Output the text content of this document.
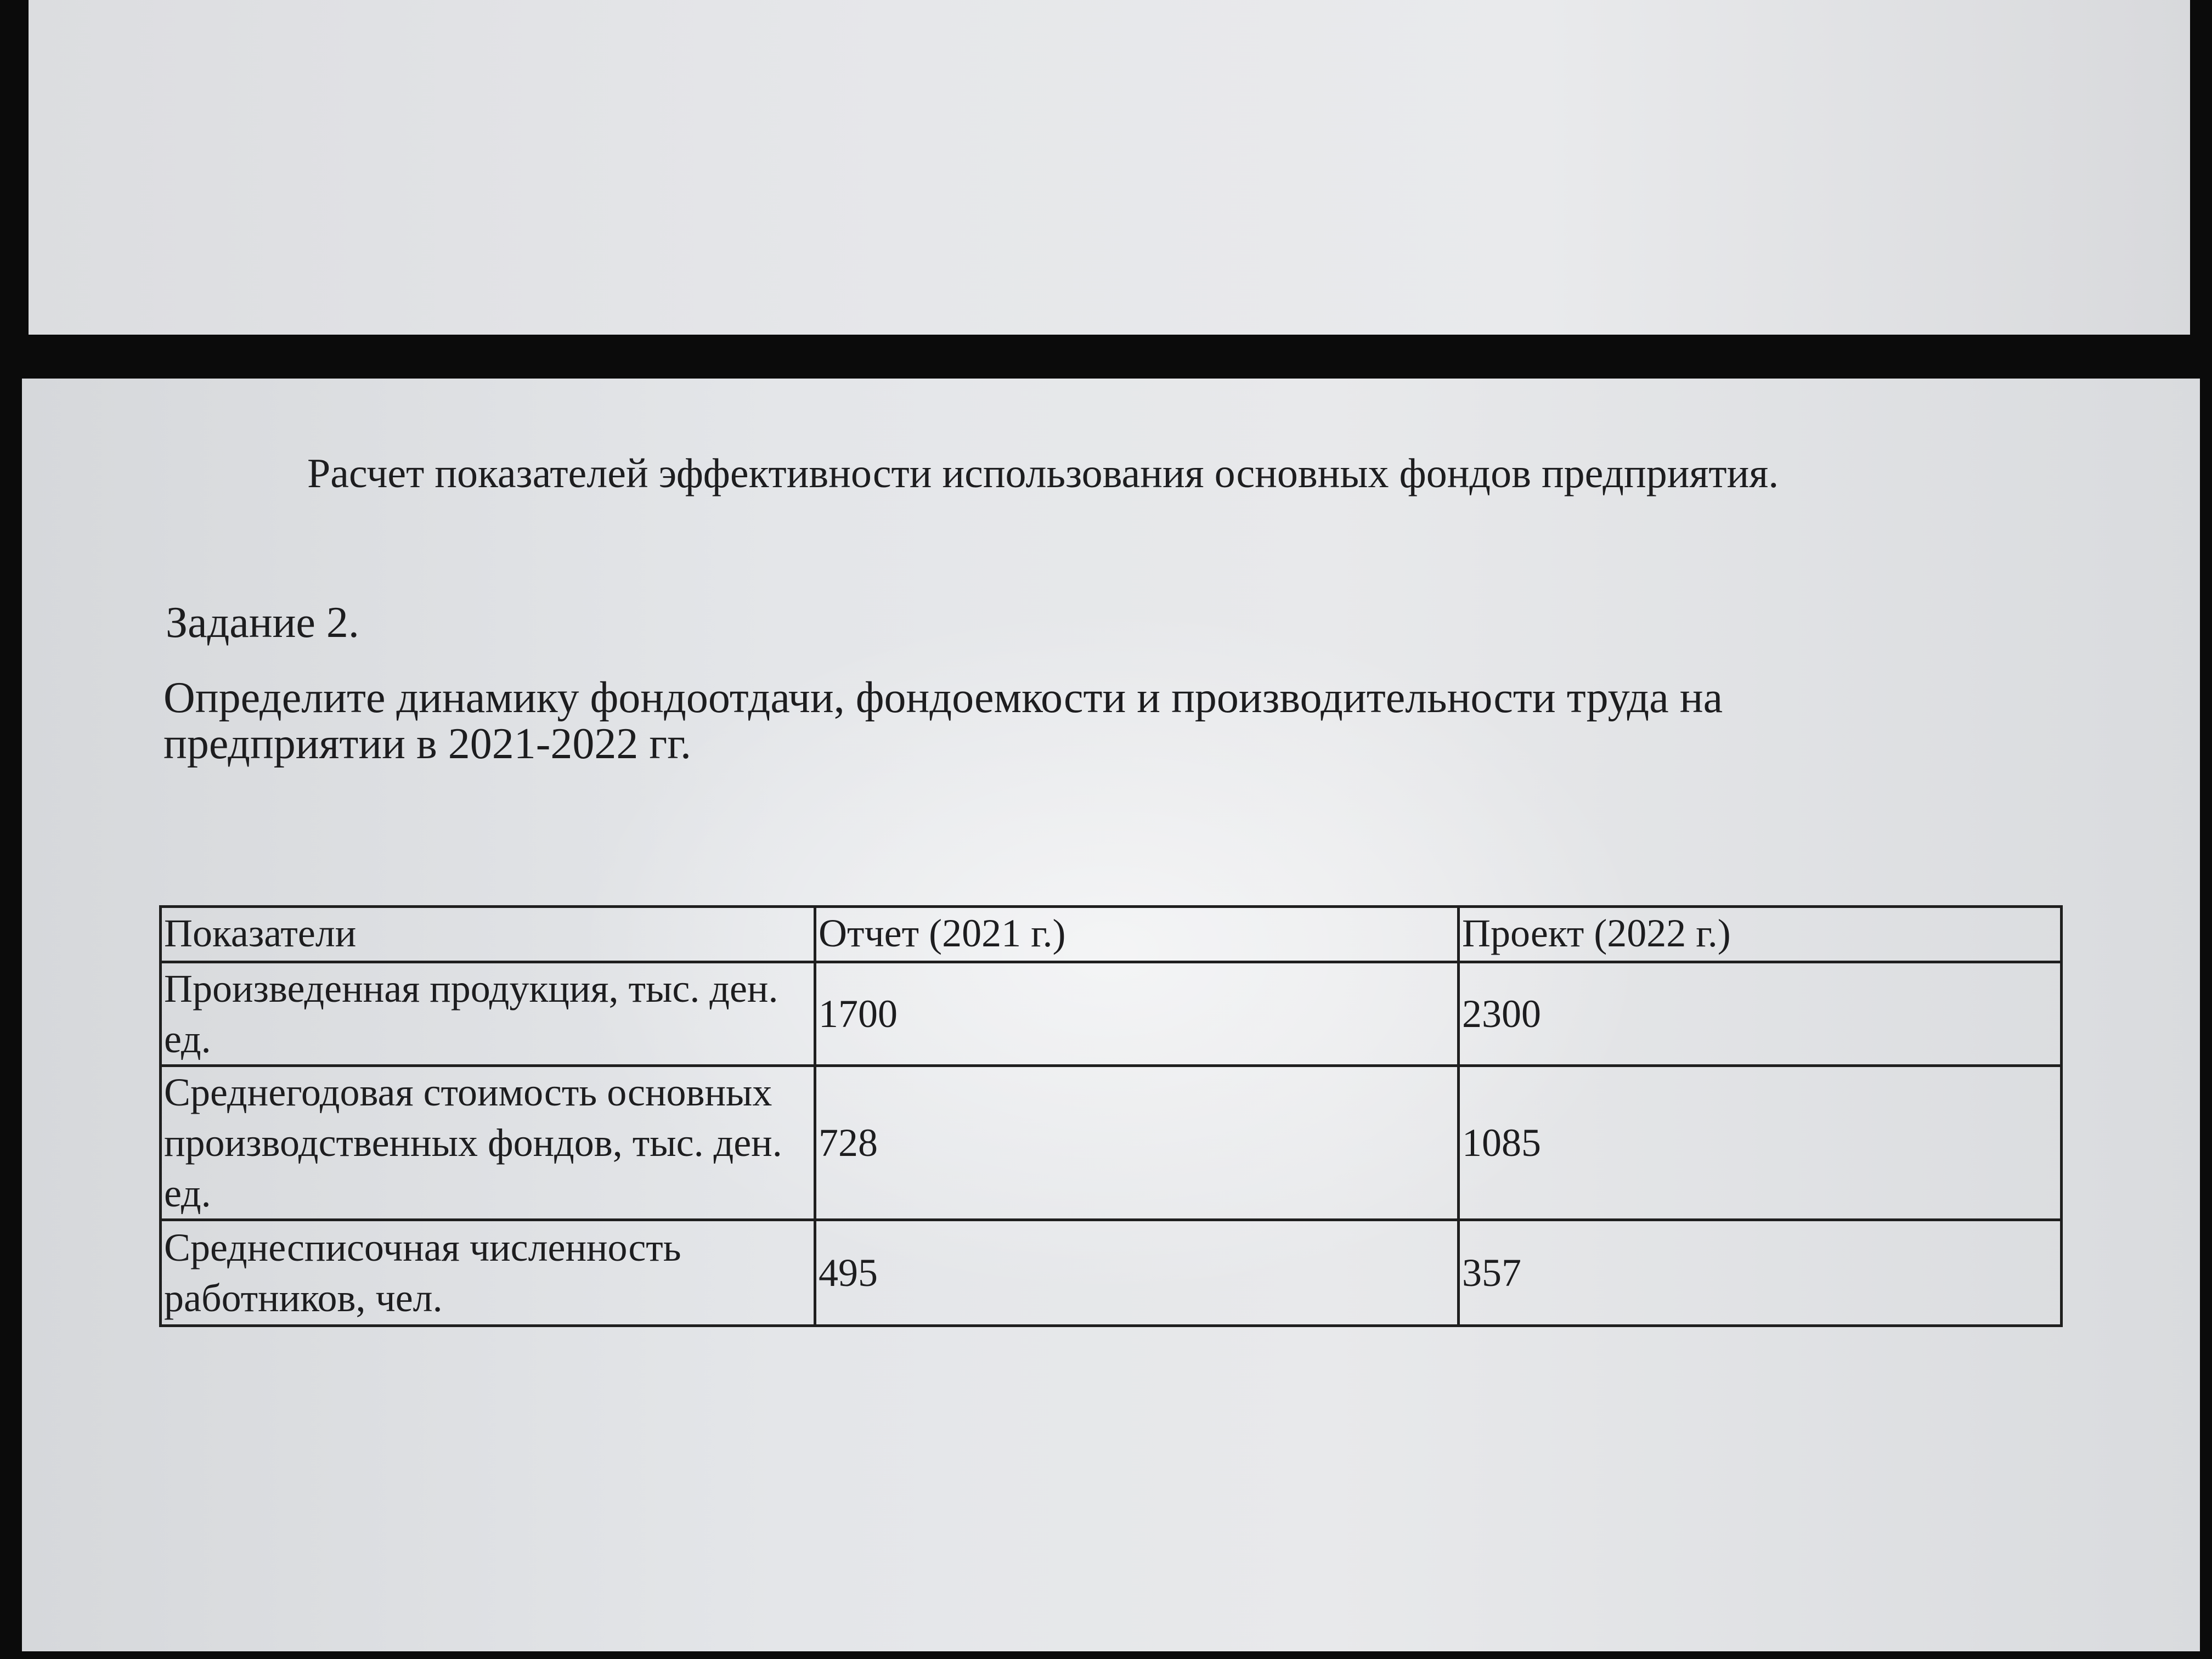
Расчет показателей эффективности использования основных фондов предприятия.

Задание 2.

Определите динамику фондоотдачи, фондоемкости и производительности труда на предприятии в 2021-2022 гг.

Показатели	Отчет (2021 г.)	Проект (2022 г.)
Произведенная продукция, тыс. ден. ед.	1700	2300
Среднегодовая стоимость основных производственных фондов, тыс. ден. ед.	728	1085
Среднесписочная численность работников, чел.	495	357
